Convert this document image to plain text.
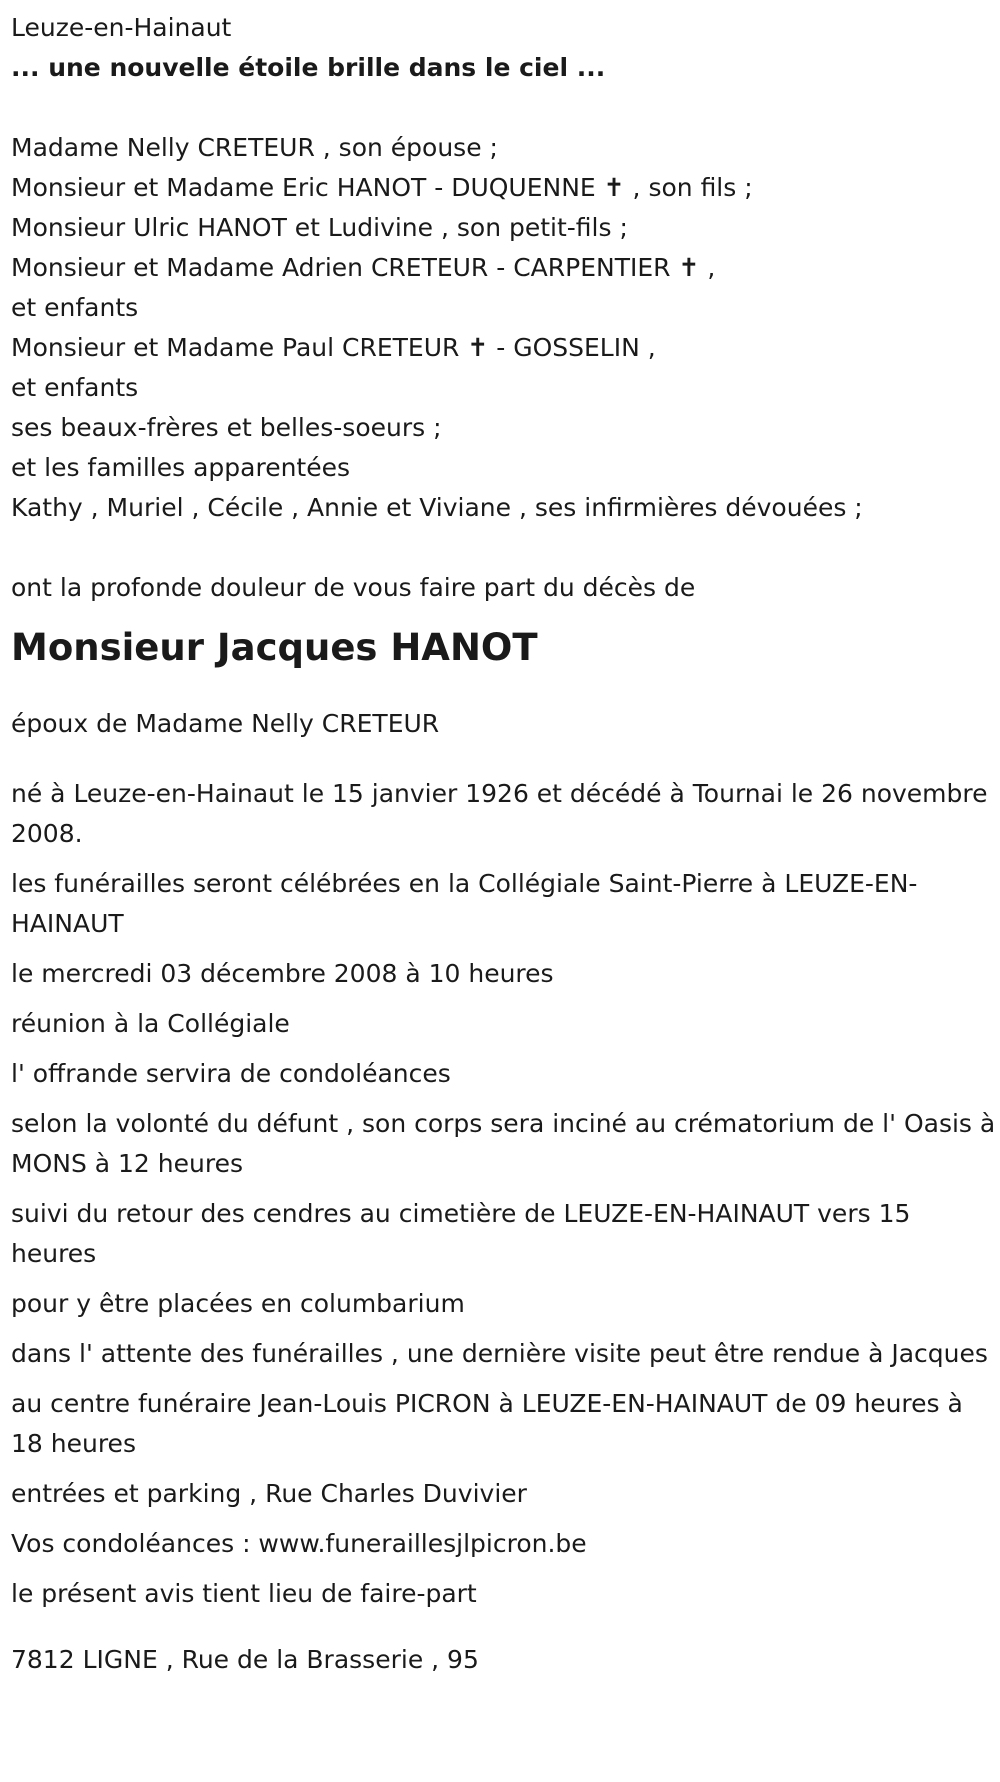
Leuze-en-Hainaut
... une nouvelle étoile brille dans le ciel ...
Madame Nelly CRETEUR , son épouse ;
Monsieur et Madame Eric HANOT - DUQUENNE ✝ , son fils ;
Monsieur Ulric HANOT et Ludivine , son petit-fils ;
Monsieur et Madame Adrien CRETEUR - CARPENTIER ✝ ,
et enfants
Monsieur et Madame Paul CRETEUR ✝ - GOSSELIN ,
et enfants
ses beaux-frères et belles-soeurs ;
et les familles apparentées
Kathy , Muriel , Cécile , Annie et Viviane , ses infirmières dévouées ;
ont la profonde douleur de vous faire part du décès de
Monsieur Jacques HANOT
époux de Madame Nelly CRETEUR
né à Leuze-en-Hainaut le 15 janvier 1926 et décédé à Tournai le 26 novembre 2008.
les funérailles seront célébrées en la Collégiale Saint-Pierre à LEUZE-EN-HAINAUT
le mercredi 03 décembre 2008 à 10 heures
réunion à la Collégiale
l' offrande servira de condoléances
selon la volonté du défunt , son corps sera inciné au crématorium de l' Oasis à MONS à 12 heures
suivi du retour des cendres au cimetière de LEUZE-EN-HAINAUT vers 15 heures
pour y être placées en columbarium
dans l' attente des funérailles , une dernière visite peut être rendue à Jacques
au centre funéraire Jean-Louis PICRON à LEUZE-EN-HAINAUT de 09 heures à 18 heures
entrées et parking , Rue Charles Duvivier
Vos condoléances : www.funeraillesjlpicron.be
le présent avis tient lieu de faire-part
7812 LIGNE , Rue de la Brasserie , 95
